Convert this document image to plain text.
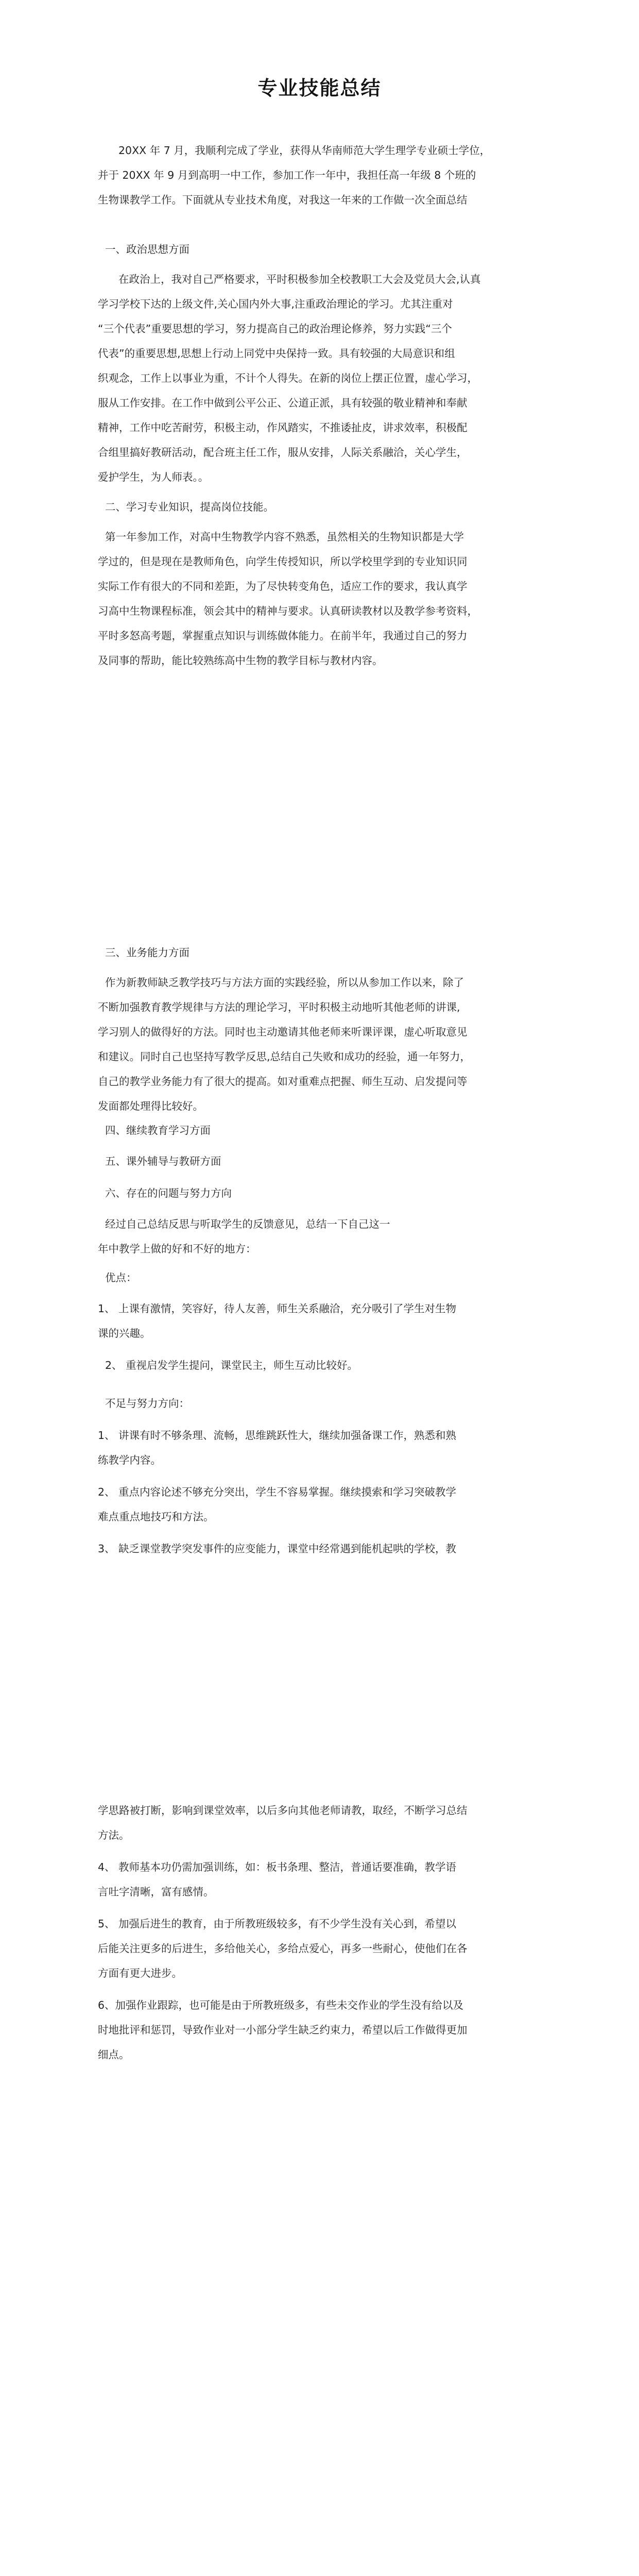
专业技能总结
20XX 年 7 月，我顺利完成了学业，获得从华南师范大学生理学专业硕士学位，
并于 20XX 年 9 月到高明一中工作，参加工作一年中，我担任高一年级 8 个班的
生物课教学工作。下面就从专业技术角度，对我这一年来的工作做一次全面总结
一、政治思想方面
在政治上，我对自己严格要求，平时积极参加全校教职工大会及党员大会,认真
学习学校下达的上级文件,关心国内外大事,注重政治理论的学习。尤其注重对
“三个代表”重要思想的学习，努力提高自己的政治理论修养，努力实践“三个
代表”的重要思想,思想上行动上同党中央保持一致。具有较强的大局意识和组
织观念，工作上以事业为重，不计个人得失。在新的岗位上摆正位置，虚心学习，
服从工作安排。在工作中做到公平公正、公道正派，具有较强的敬业精神和奉献
精神，工作中吃苦耐劳，积极主动，作风踏实，不推诿扯皮，讲求效率，积极配
合组里搞好教研活动，配合班主任工作，服从安排，人际关系融洽，关心学生，
爱护学生，为人师表。。
二、学习专业知识，提高岗位技能。
第一年参加工作，对高中生物教学内容不熟悉，虽然相关的生物知识都是大学
学过的，但是现在是教师角色，向学生传授知识，所以学校里学到的专业知识同
实际工作有很大的不同和差距，为了尽快转变角色，适应工作的要求，我认真学
习高中生物课程标准，领会其中的精神与要求。认真研读教材以及教学参考资料，
平时多怒高考题，掌握重点知识与训练做体能力。在前半年，我通过自己的努力
及同事的帮助，能比较熟练高中生物的教学目标与教材内容。
三、业务能力方面
作为新教师缺乏教学技巧与方法方面的实践经验，所以从参加工作以来，除了
不断加强教育教学规律与方法的理论学习，平时积极主动地听其他老师的讲课,
学习别人的做得好的方法。同时也主动邀请其他老师来听课评课，虚心听取意见
和建议。同时自己也坚持写教学反思,总结自己失败和成功的经验，通一年努力，
自己的教学业务能力有了很大的提高。如对重难点把握、师生互动、启发提问等
发面都处理得比较好。
四、继续教育学习方面
五、课外辅导与教研方面
六、存在的问题与努力方向
经过自己总结反思与听取学生的反馈意见，总结一下自己这一
年中教学上做的好和不好的地方：
优点：
1、 上课有激情，笑容好，待人友善，师生关系融洽，充分吸引了学生对生物
课的兴趣。
2、 重视启发学生提问，课堂民主，师生互动比较好。
不足与努力方向：
1、 讲课有时不够条理、流畅，思维跳跃性大，继续加强备课工作，熟悉和熟
练教学内容。
2、 重点内容论述不够充分突出，学生不容易掌握。继续摸索和学习突破教学
难点重点地技巧和方法。
3、 缺乏课堂教学突发事件的应变能力，课堂中经常遇到能机起哄的学校，教
学思路被打断，影响到课堂效率，以后多向其他老师请教，取经，不断学习总结
方法。
4、 教师基本功仍需加强训练，如：板书条理、整洁，普通话要准确，教学语
言吐字清晰，富有感情。
5、 加强后进生的教育，由于所教班级较多，有不少学生没有关心到，希望以
后能关注更多的后进生，多给他关心，多给点爱心，再多一些耐心，使他们在各
方面有更大进步。
6、加强作业跟踪，也可能是由于所教班级多，有些未交作业的学生没有给以及
时地批评和惩罚，导致作业对一小部分学生缺乏约束力，希望以后工作做得更加
细点。
